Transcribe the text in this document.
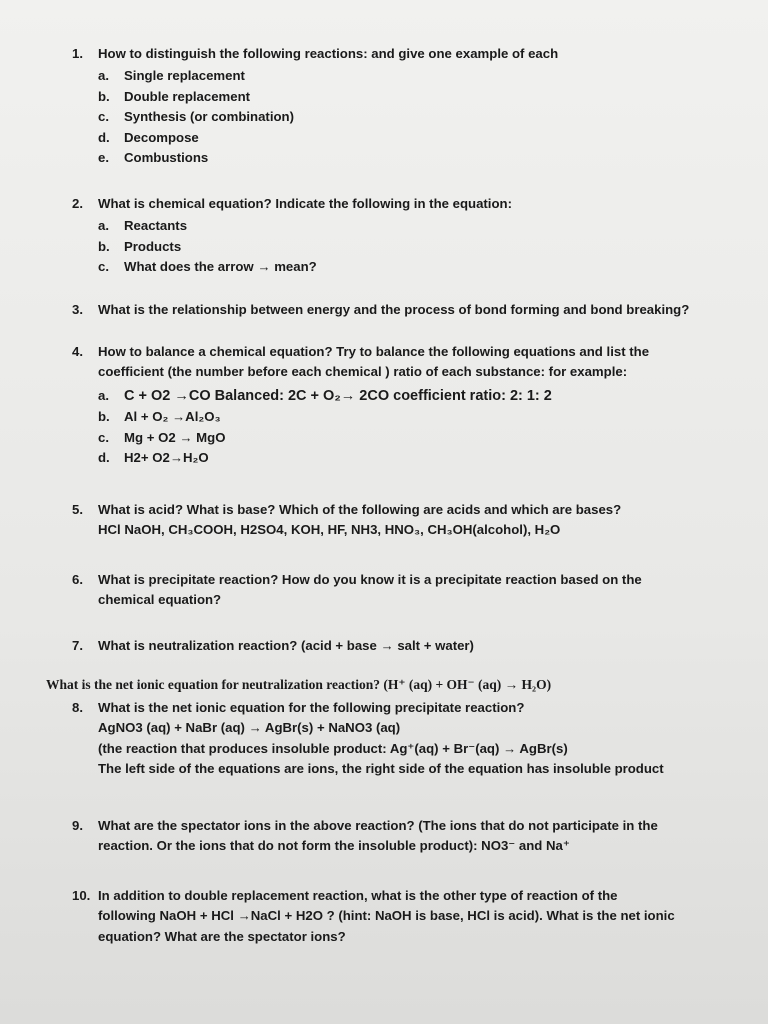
1. How to distinguish the following reactions: and give one example of each
a. Single replacement
b. Double replacement
c. Synthesis (or combination)
d. Decompose
e. Combustions
2. What is chemical equation? Indicate the following in the equation:
a. Reactants
b. Products
c. What does the arrow → mean?
3. What is the relationship between energy and the process of bond forming and bond breaking?
4. How to balance a chemical equation? Try to balance the following equations and list the
coefficient (the number before each chemical ) ratio of each substance: for example:
a. C + O2 →CO Balanced: 2C + O₂→ 2CO coefficient ratio: 2: 1: 2
b. Al + O₂ →Al₂O₃
c. Mg + O2 → MgO
d. H2+ O2→H₂O
5. What is acid? What is base? Which of the following are acids and which are bases?
HCl NaOH, CH₃COOH, H2SO4, KOH, HF, NH3, HNO₃, CH₃OH(alcohol), H₂O
6. What is precipitate reaction? How do you know it is a precipitate reaction based on the
chemical equation?
7. What is neutralization reaction? (acid + base → salt + water)
What is the net ionic equation for neutralization reaction? (H⁺ (aq) + OH⁻ (aq) → H₂O)
8. What is the net ionic equation for the following precipitate reaction?
AgNO3 (aq) + NaBr (aq) → AgBr(s) + NaNO3 (aq)
(the reaction that produces insoluble product: Ag⁺(aq) + Br⁻(aq) → AgBr(s)
The left side of the equations are ions, the right side of the equation has insoluble product
9. What are the spectator ions in the above reaction? (The ions that do not participate in the
reaction. Or the ions that do not form the insoluble product): NO3⁻ and Na⁺
10. In addition to double replacement reaction, what is the other type of reaction of the
following NaOH + HCl →NaCl + H2O ? (hint: NaOH is base, HCl is acid). What is the net ionic
equation? What are the spectator ions?
